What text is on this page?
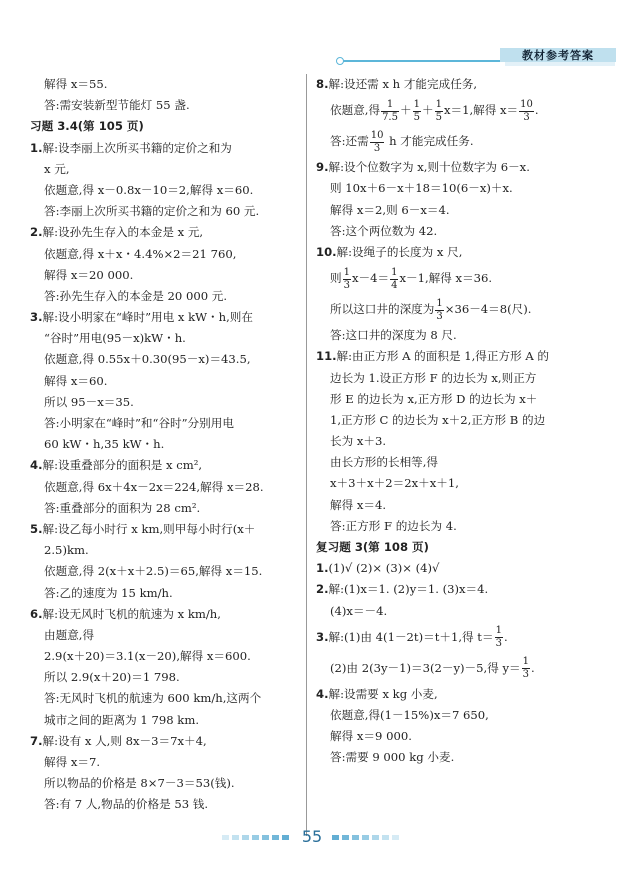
教材参考答案
解得 x＝55.
答:需安装新型节能灯 55 盏.
习题 3.4(第 105 页)
1.解:设李丽上次所买书籍的定价之和为
x 元,
依题意,得 x－0.8x－10＝2,解得 x＝60.
答:李丽上次所买书籍的定价之和为 60 元.
2.解:设孙先生存入的本金是 x 元,
依题意,得 x＋x・4.4%×2＝21 760,
解得 x＝20 000.
答:孙先生存入的本金是 20 000 元.
3.解:设小明家在“峰时”用电 x kW・h,则在
“谷时”用电(95－x)kW・h.
依题意,得 0.55x＋0.30(95－x)＝43.5,
解得 x＝60.
所以 95－x＝35.
答:小明家在“峰时”和“谷时”分别用电
60 kW・h,35 kW・h.
4.解:设重叠部分的面积是 x cm²,
依题意,得 6x＋4x－2x＝224,解得 x＝28.
答:重叠部分的面积为 28 cm².
5.解:设乙每小时行 x km,则甲每小时行(x＋
2.5)km.
依题意,得 2(x＋x＋2.5)＝65,解得 x＝15.
答:乙的速度为 15 km/h.
6.解:设无风时飞机的航速为 x km/h,
由题意,得
2.9(x＋20)＝3.1(x－20),解得 x＝600.
所以 2.9(x＋20)＝1 798.
答:无风时飞机的航速为 600 km/h,这两个
城市之间的距离为 1 798 km.
7.解:设有 x 人,则 8x－3＝7x＋4,
解得 x＝7.
所以物品的价格是 8×7－3＝53(钱).
答:有 7 人,物品的价格是 53 钱.
8.解:设还需 x h 才能完成任务,
依题意,得 $\frac{1}{7.5} + \frac{1}{5} + \frac{1}{5} x=1$,解得 $x= \frac{10}{3}$ .
答:还需 $\frac{10}{3}$ h 才能完成任务.
9.解:设个位数字为 x,则十位数字为 6－x.
则 10x＋6－x＋18＝10(6－x)＋x.
解得 x＝2,则 6－x＝4.
答:这个两位数为 42.
10.解:设绳子的长度为 x 尺,
则 $\frac{1}{3} x-4= \frac{1}{4} x-1$,解得 x＝36.
所以这口井的深度为 $\frac{1}{3} \times 36-4=8$(尺).
答:这口井的深度为 8 尺.
11.解:由正方形 A 的面积是 1,得正方形 A 的
边长为 1.设正方形 F 的边长为 x,则正方
形 E 的边长为 x,正方形 D 的边长为 x＋
1,正方形 C 的边长为 x＋2,正方形 B 的边
长为 x＋3.
由长方形的长相等,得
x＋3＋x＋2＝2x＋x＋1,
解得 x＝4.
答:正方形 F 的边长为 4.
复习题 3(第 108 页)
1.(1)√ (2)× (3)× (4)√
2.解:(1)x＝1. (2)y＝1. (3)x＝4.
(4)x＝－4.
3.解:(1)由 4(1－2t)＝t＋1,得 $t= \frac{1}{3}$ .
(2)由 2(3y－1)＝3(2－y)－5,得 $y= \frac{1}{3}$ .
4.解:设需要 x kg 小麦,
依题意,得(1－15%)x＝7 650,
解得 x＝9 000.
答:需要 9 000 kg 小麦.
55
